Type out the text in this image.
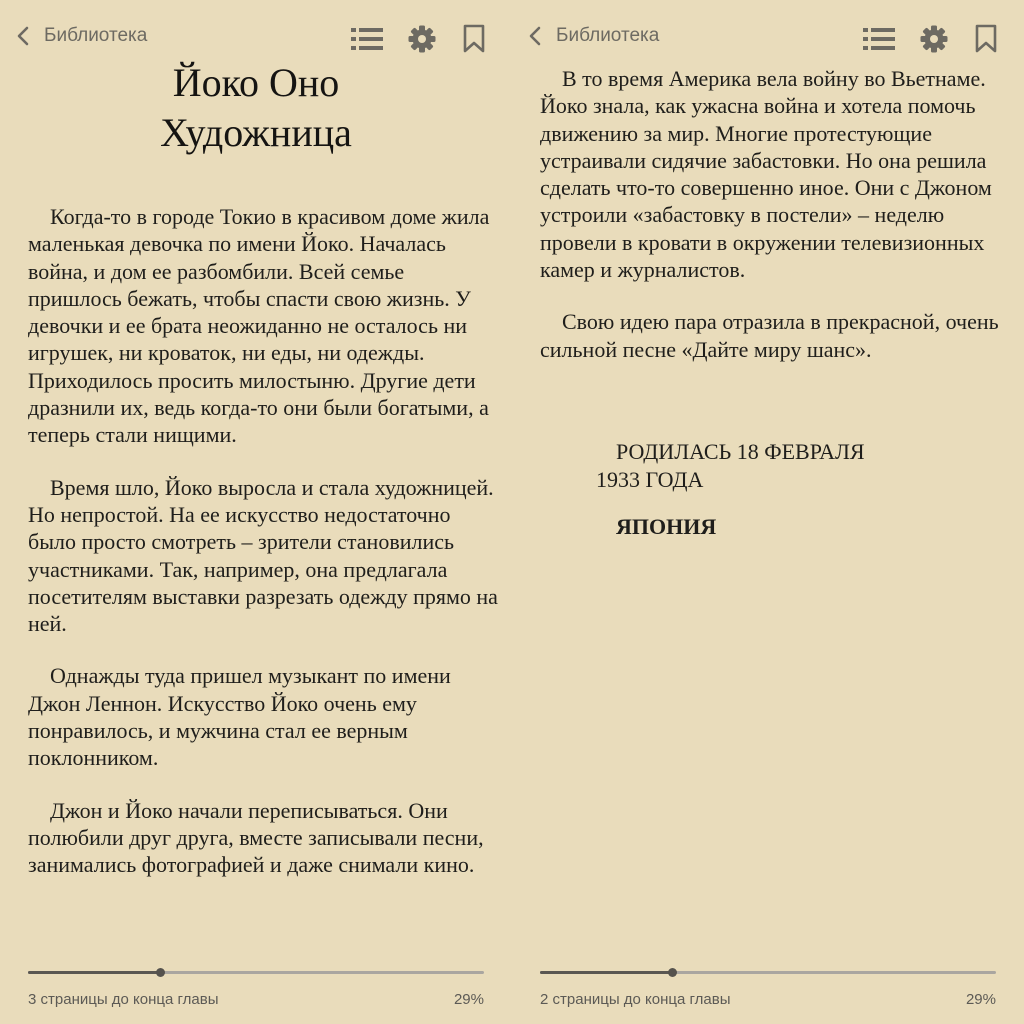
Библиотека
Йоко Оно
Художница

Когда-то в городе Токио в красивом доме жила маленькая девочка по имени Йоко. Началась война, и дом ее разбомбили. Всей семье пришлось бежать, чтобы спасти свою жизнь. У девочки и ее брата неожиданно не осталось ни игрушек, ни кроваток, ни еды, ни одежды. Приходилось просить милостыню. Другие дети дразнили их, ведь когда-то они были богатыми, а теперь стали нищими.

Время шло, Йоко выросла и стала художницей. Но непростой. На ее искусство недостаточно было просто смотреть – зрители становились участниками. Так, например, она предлагала посетителям выставки разрезать одежду прямо на ней.

Однажды туда пришел музыкант по имени Джон Леннон. Искусство Йоко очень ему понравилось, и мужчина стал ее верным поклонником.

Джон и Йоко начали переписываться. Они полюбили друг друга, вместе записывали песни, занимались фотографией и даже снимали кино.

3 страницы до конца главы	29%
Библиотека

В то время Америка вела войну во Вьетнаме. Йоко знала, как ужасна война и хотела помочь движению за мир. Многие протестующие устраивали сидячие забастовки. Но она решила сделать что-то совершенно иное. Они с Джоном устроили «забастовку в постели» – неделю провели в кровати в окружении телевизионных камер и журналистов.

Свою идею пара отразила в прекрасной, очень сильной песне «Дайте миру шанс».

2 страницы до конца главы	29%
РОДИЛАСЬ 18 ФЕВРАЛЯ
1933 ГОДА
ЯПОНИЯ
